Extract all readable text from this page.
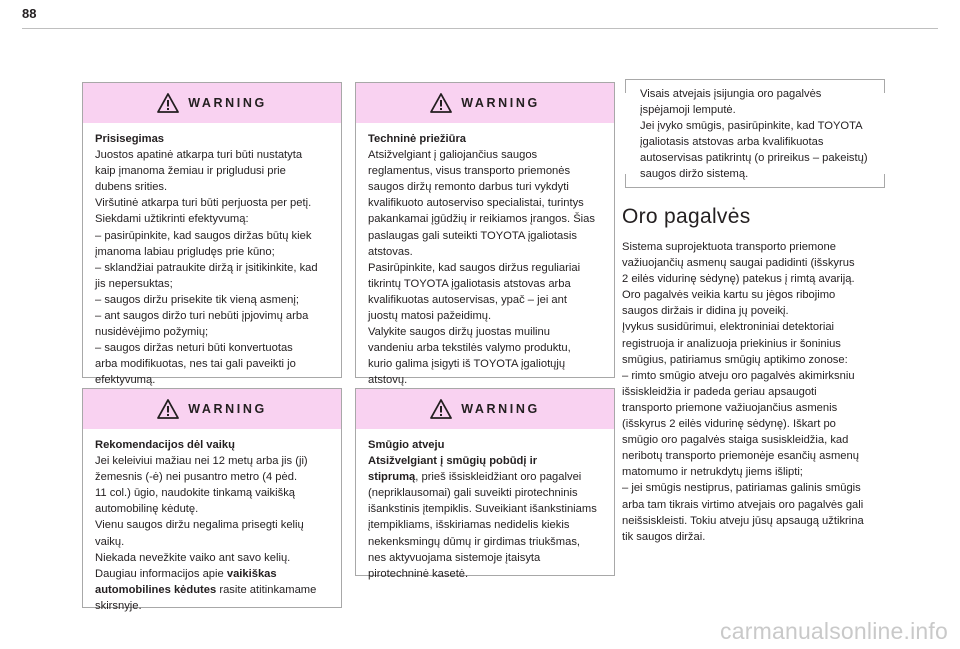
88
WARNING

Prisisegimas

Juostos apatinė atkarpa turi būti nustatyta

kaip įmanoma žemiau ir prigludusi prie

dubens srities.

Viršutinė atkarpa turi būti perjuosta per petį.

Siekdami užtikrinti efektyvumą:

– pasirūpinkite, kad saugos diržas būtų kiek

įmanoma labiau prigludęs prie kūno;

– sklandžiai patraukite diržą ir įsitikinkite, kad

jis nepersuktas;

– saugos diržu prisekite tik vieną asmenį;

– ant saugos diržo turi nebūti įpjovimų arba

nusidėvėjimo požymių;

– saugos diržas neturi būti konvertuotas

arba modifikuotas, nes tai gali paveikti jo

efektyvumą.

WARNING

Rekomendacijos dėl vaikų

Jei keleiviui mažiau nei 12 metų arba jis (ji)

žemesnis (-ė) nei pusantro metro (4 pėd.

11 col.) ūgio, naudokite tinkamą vaikišką

automobilinę kėdutę.

Vienu saugos diržu negalima prisegti kelių

vaikų.

Niekada nevežkite vaiko ant savo kelių.

Daugiau informacijos apie vaikiškas

automobilines kėdutes rasite atitinkamame

skirsnyje.

WARNING

Techninė priežiūra

Atsižvelgiant į galiojančius saugos

reglamentus, visus transporto priemonės

saugos diržų remonto darbus turi vykdyti

kvalifikuoto autoserviso specialistai, turintys

pakankamai įgūdžių ir reikiamos įrangos. Šias

paslaugas gali suteikti TOYOTA įgaliotasis

atstovas.

Pasirūpinkite, kad saugos diržus reguliariai

tikrintų TOYOTA įgaliotasis atstovas arba

kvalifikuotas autoservisas, ypač – jei ant

juostų matosi pažeidimų.

Valykite saugos diržų juostas muilinu

vandeniu arba tekstilės valymo produktu,

kurio galima įsigyti iš TOYOTA įgaliotųjų

atstovų.

WARNING

Smūgio atveju

Atsižvelgiant į smūgių pobūdį ir

stiprumą, prieš išsiskleidžiant oro pagalvei

(nepriklausomai) gali suveikti pirotechninis

išankstinis įtempiklis. Suveikiant išankstiniams

įtempikliams, išskiriamas nedidelis kiekis

nekenksmingų dūmų ir girdimas triukšmas,

nes aktyvuojama sistemoje įtaisyta

pirotechninė kasetė.

Visais atvejais įsijungia oro pagalvės
įspėjamoji lemputė.
Jei įvyko smūgis, pasirūpinkite, kad TOYOTA
įgaliotasis atstovas arba kvalifikuotas
autoservisas patikrintų (o prireikus – pakeistų)
saugos diržo sistemą.
Oro pagalvės

Sistema suprojektuota transporto priemone

važiuojančių asmenų saugai padidinti (išskyrus

2 eilės vidurinę sėdynę) patekus į rimtą avariją.

Oro pagalvės veikia kartu su jėgos ribojimo

saugos diržais ir didina jų poveikį.

Įvykus susidūrimui, elektroniniai detektoriai

registruoja ir analizuoja priekinius ir šoninius

smūgius, patiriamus smūgių aptikimo zonose:

– rimto smūgio atveju oro pagalvės akimirksniu

išsiskleidžia ir padeda geriau apsaugoti

transporto priemone važiuojančius asmenis

(išskyrus 2 eilės vidurinę sėdynę). Iškart po

smūgio oro pagalvės staiga susiskleidžia, kad

neribotų transporto priemonėje esančių asmenų

matomumo ir netrukdytų jiems išlipti;

– jei smūgis nestiprus, patiriamas galinis smūgis

arba tam tikrais virtimo atvejais oro pagalvės gali

neišsiskleisti. Tokiu atveju jūsų apsaugą užtikrina

tik saugos diržai.

carmanualsonline.info
